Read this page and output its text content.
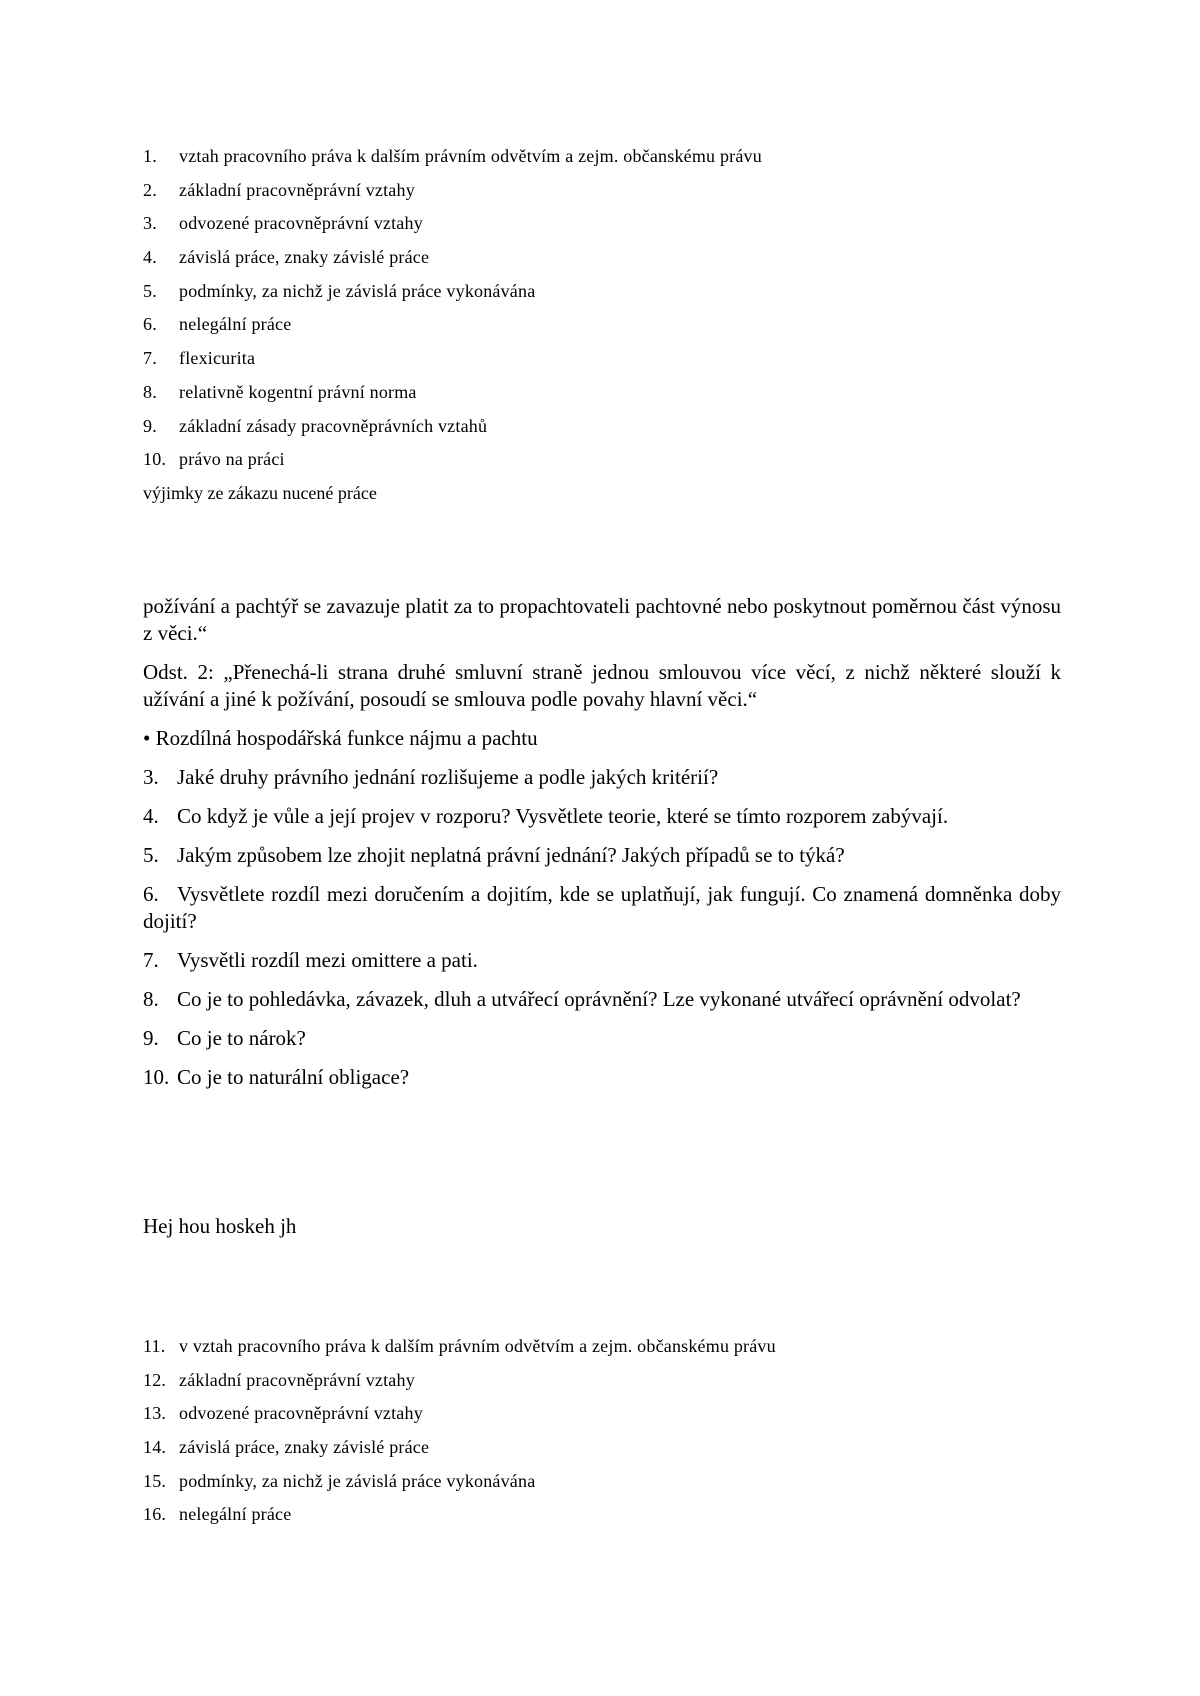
1. vztah pracovního práva k dalším právním odvětvím a zejm. občanskému právu
2. základní pracovněprávní vztahy
3. odvozené pracovněprávní vztahy
4. závislá práce, znaky závislé práce
5. podmínky, za nichž je závislá práce vykonávána
6. nelegální práce
7. flexicurita
8. relativně kogentní právní norma
9. základní zásady pracovněprávních vztahů
10. právo na práci
výjimky ze zákazu nucené práce

požívání a pachtýř se zavazuje platit za to propachtovateli pachtovné nebo poskytnout poměrnou část výnosu z věci.“

Odst. 2: „Přenechá-li strana druhé smluvní straně jednou smlouvou více věcí, z nichž některé slouží k užívání a jiné k požívání, posoudí se smlouva podle povahy hlavní věci.“

• Rozdílná hospodářská funkce nájmu a pachtu

3. Jaké druhy právního jednání rozlišujeme a podle jakých kritérií?

4. Co když je vůle a její projev v rozporu? Vysvětlete teorie, které se tímto rozporem zabývají.

5. Jakým způsobem lze zhojit neplatná právní jednání? Jakých případů se to týká?

6. Vysvětlete rozdíl mezi doručením a dojitím, kde se uplatňují, jak fungují. Co znamená domněnka doby dojití?

7. Vysvětli rozdíl mezi omittere a pati.

8. Co je to pohledávka, závazek, dluh a utvářecí oprávnění? Lze vykonané utvářecí oprávnění odvolat?

9. Co je to nárok?

10. Co je to naturální obligace?

Hej hou hoskeh jh
11. v vztah pracovního práva k dalším právním odvětvím a zejm. občanskému právu
12. základní pracovněprávní vztahy
13. odvozené pracovněprávní vztahy
14. závislá práce, znaky závislé práce
15. podmínky, za nichž je závislá práce vykonávána
16. nelegální práce
